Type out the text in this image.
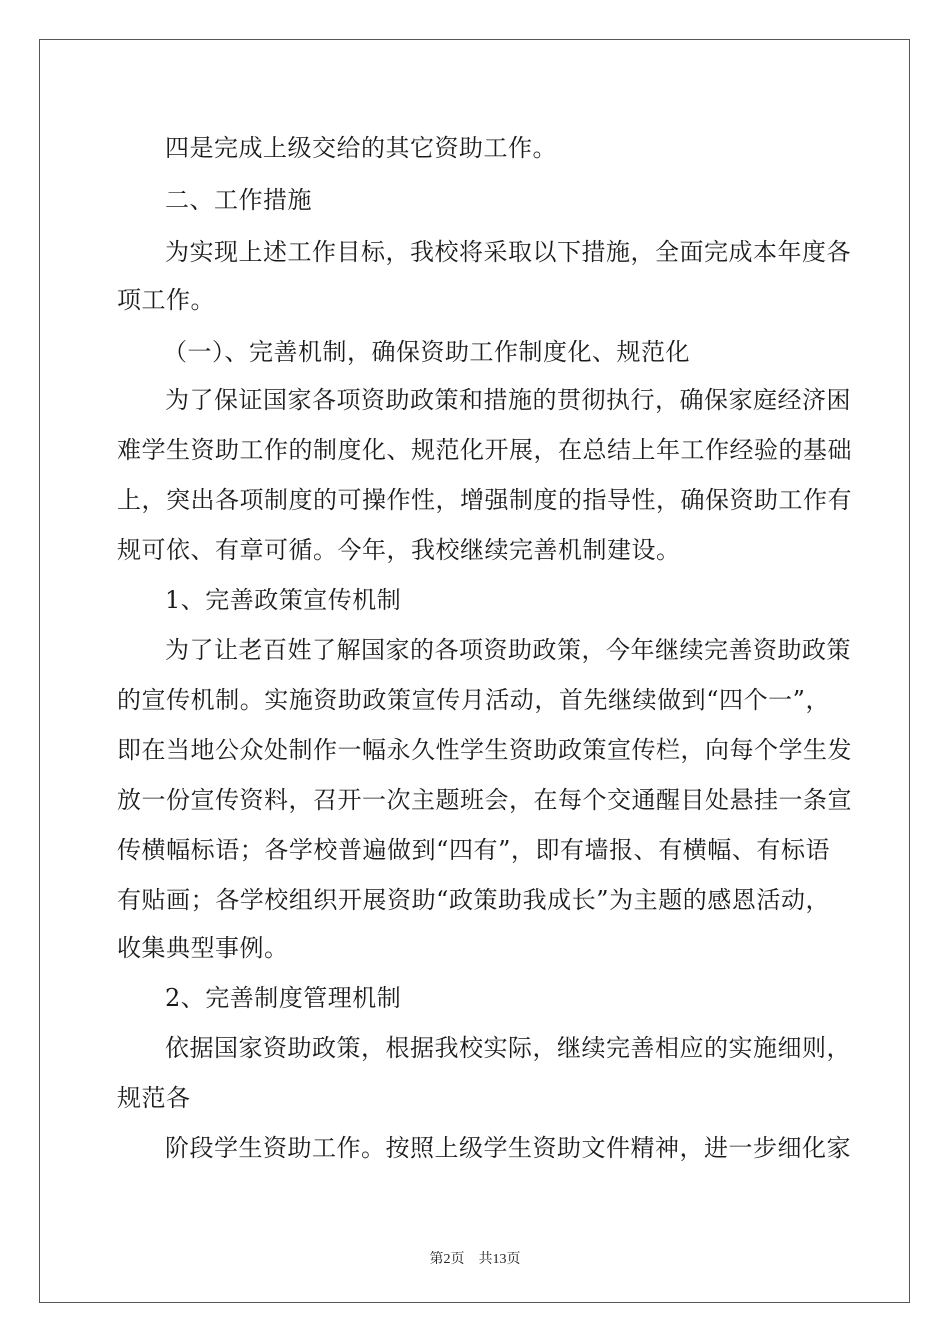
四是完成上级交给的其它资助工作。
二、工作措施
为实现上述工作目标，我校将采取以下措施，全面完成本年度各
项工作。
（一）、完善机制，确保资助工作制度化、规范化
为了保证国家各项资助政策和措施的贯彻执行，确保家庭经济困
难学生资助工作的制度化、规范化开展，在总结上年工作经验的基础
上，突出各项制度的可操作性，增强制度的指导性，确保资助工作有
规可依、有章可循。今年，我校继续完善机制建设。
1、完善政策宣传机制
为了让老百姓了解国家的各项资助政策，今年继续完善资助政策
的宣传机制。实施资助政策宣传月活动，首先继续做到“四个一”，
即在当地公众处制作一幅永久性学生资助政策宣传栏，向每个学生发
放一份宣传资料，召开一次主题班会，在每个交通醒目处悬挂一条宣
传横幅标语；各学校普遍做到“四有”，即有墙报、有横幅、有标语
有贴画；各学校组织开展资助“政策助我成长”为主题的感恩活动，
收集典型事例。
2、完善制度管理机制
依据国家资助政策，根据我校实际，继续完善相应的实施细则，
规范各
阶段学生资助工作。按照上级学生资助文件精神，进一步细化家
第2页    共13页
